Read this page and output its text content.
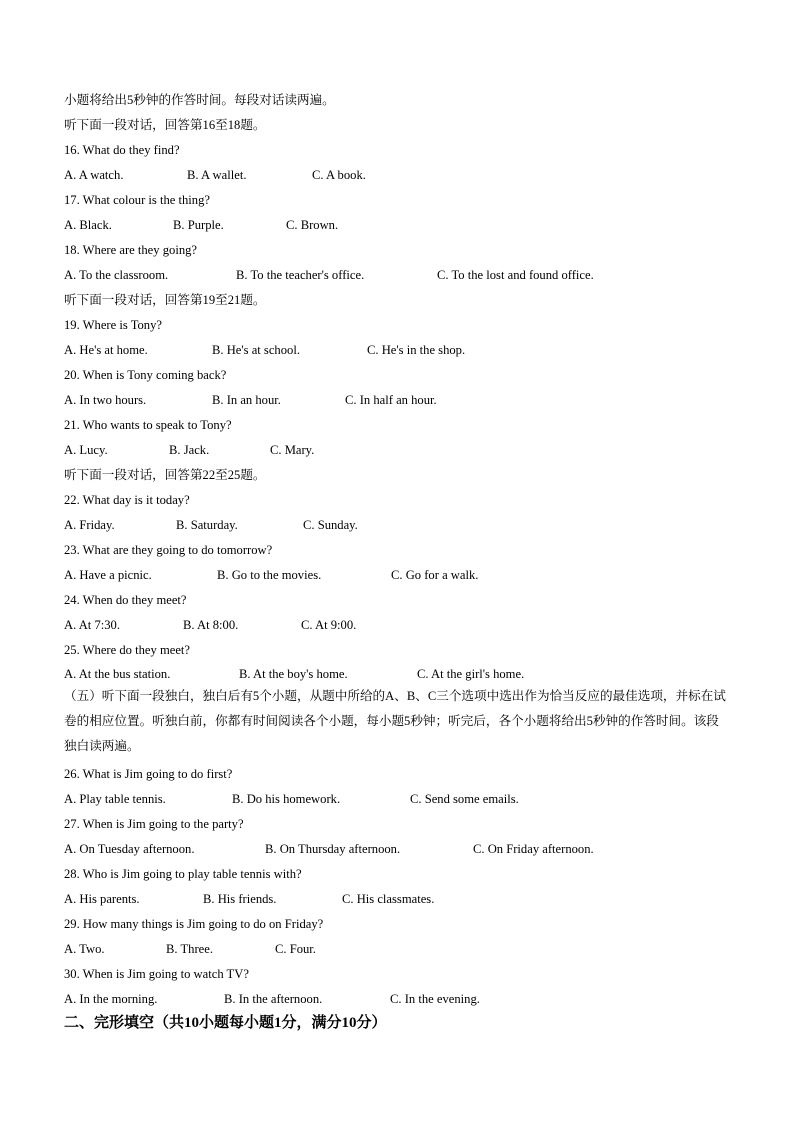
小题将给出5秒钟的作答时间。每段对话读两遍。
听下面一段对话，回答第16至18题。
16. What do they find?
A. A watch.	B. A wallet.	C. A book.
17. What colour is the thing?
A. Black.	B. Purple.	C. Brown.
18. Where are they going?
A. To the classroom.	B. To the teacher's office.	C. To the lost and found office.
听下面一段对话，回答第19至21题。
19. Where is Tony?
A. He's at home.	B. He's at school.	C. He's in the shop.
20. When is Tony coming back?
A. In two hours.	B. In an hour.	C. In half an hour.
21. Who wants to speak to Tony?
A. Lucy.	B. Jack.	C. Mary.
听下面一段对话，回答第22至25题。
22. What day is it today?
A. Friday.	B. Saturday.	C. Sunday.
23. What are they going to do tomorrow?
A. Have a picnic.	B. Go to the movies.	C. Go for a walk.
24. When do they meet?
A. At 7:30.	B. At 8:00.	C. At 9:00.
25. Where do they meet?
A. At the bus station.	B. At the boy's home.	C. At the girl's home.
（五）听下面一段独白，独白后有5个小题，从题中所给的A、B、C三个选项中选出作为恰当反应的最佳选项，并标在试卷的相应位置。听独白前，你都有时间阅读各个小题，每小题5秒钟；听完后，各个小题将给出5秒钟的作答时间。该段独白读两遍。
26. What is Jim going to do first?
A. Play table tennis.	B. Do his homework.	C. Send some emails.
27. When is Jim going to the party?
A. On Tuesday afternoon.	B. On Thursday afternoon.	C. On Friday afternoon.
28. Who is Jim going to play table tennis with?
A. His parents.	B. His friends.	C. His classmates.
29. How many things is Jim going to do on Friday?
A. Two.	B. Three.	C. Four.
30. When is Jim going to watch TV?
A. In the morning.	B. In the afternoon.	C. In the evening.
二、完形填空（共10小题每小题1分，满分10分）
